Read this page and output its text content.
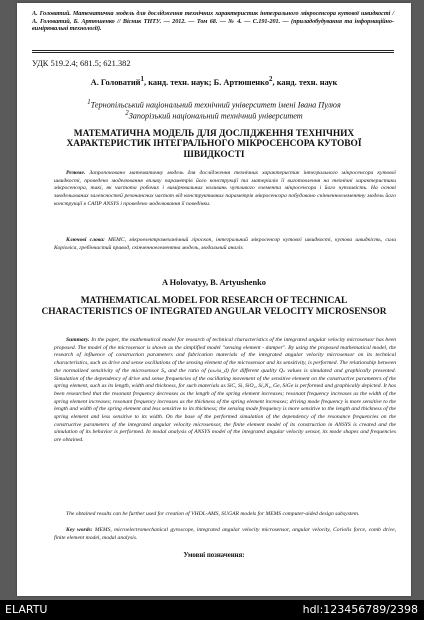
А. Головатий. Математична модель для дослідження технічних характеристик інтегрального мікросенсора кутової швидкості / А. Головатий, Б. Артюшенко // Вісник ТНТУ. — 2012. — Том 68. — № 4. — С.191-201. — (приладобудування та інформаційно-вимірювальні технології).
УДК 519.2.4; 681.5; 621.382
А. Головатий$^1$, канд. техн. наук; Б. Артюшенко$^2$, канд. техн. наук
$^1$Тернопільський національний технічний університет імені Івана Пулюя
$^2$Запорізький національний технічний університет
МАТЕМАТИЧНА МОДЕЛЬ ДЛЯ ДОСЛІДЖЕННЯ ТЕХНІЧНИХ ХАРАКТЕРИСТИК ІНТЕГРАЛЬНОГО МІКРОСЕНСОРА КУТОВОЇ ШВИДКОСТІ
Резюме. Запропоновано математичну модель для дослідження технічних характеристик інтегрального мікросенсора кутової швидкості, проведено моделювання впливу параметрів його конструкції та матеріалів її виготовлення на технічні характеристики мікросенсора, такі, як частота робочих і вимірювальних коливань чутливого елемента мікросенсора і його чутливість. На основі змодельованих залежностей резонансних частот від конструктивних параметрів мікросенсора побудовано скінченноелементну модель його конструкції в САПР ANSYS і проведено моделювання її поведінки.
Ключові слова: МЕМС, мікроелектромеханічний гіроскоп, інтегральний мікросенсор кутової швидкості, кутова швидкість, сила Коріоліса, гребінчастий привод, скінченноелементна модель, модальний аналіз.
A Holovatyy, B. Artyushenko
MATHEMATICAL MODEL FOR RESEARCH OF TECHNICAL CHARACTERISTICS OF INTEGRATED ANGULAR VELOCITY MICROSENSOR
Summary. In the paper, the mathematical model for research of technical characteristics of the integrated angular velocity microsensor has been proposed. The model of the microsensor is shown as the simplified model "sensing element - damper". By using the proposed mathematical model, the research of influence of construction parameters and fabrication materials of the integrated angular velocity microsensor on its technical characteristics, such as drive and sense oscillations of the sensing element of the microsensor and its sensitivity, is performed. The relationship between the normalized sensitivity of the microsensor S₀ and the ratio of (ωₛ/ω_d) for different quality Qₛ values is simulated and graphically presented. Simulation of the dependency of drive and sense frequencies of the oscillating movement of the sensitive element on the constructive parameters of the spring element, such as its length, width and thickness, for such materials as SiC, Si, SiO₂, Si₃N₄, Ge, SiGe is performed and graphically depicted. It has been researched that the resonant frequency decreases as the length of the spring element increases; resonant frequency increases as the width of the spring element increases; resonant frequency increases as the thickness of the spring element increases; driving mode frequency is more sensitive to the length and width of the spring element and less sensitive to its thickness; the sensing mode frequency is more sensitive to the length and thickness of the spring element and less sensitive to its width. On the base of the performed simulation of the dependency of the resonance frequencies on the constructive parameters of the integrated angular velocity microsensor, the finite element model of its construction in ANSYS is created and the simulation of its behavior is performed. In modal analysis of ANSYS model of the integrated angular velocity sensor, its mode shapes and frequencies are obtained.
The obtained results can be further used for creation of VHDL-AMS, SUGAR models for MEMS computer-aided design subsystem.
Key words: MEMS, microelectromechanical gyroscope, integrated angular velocity microsensor, angular velocity, Coriolis force, comb drive, finite element model, modal analysis.
Умовні позначення:
ELARTU	hdl:123456789/2398
